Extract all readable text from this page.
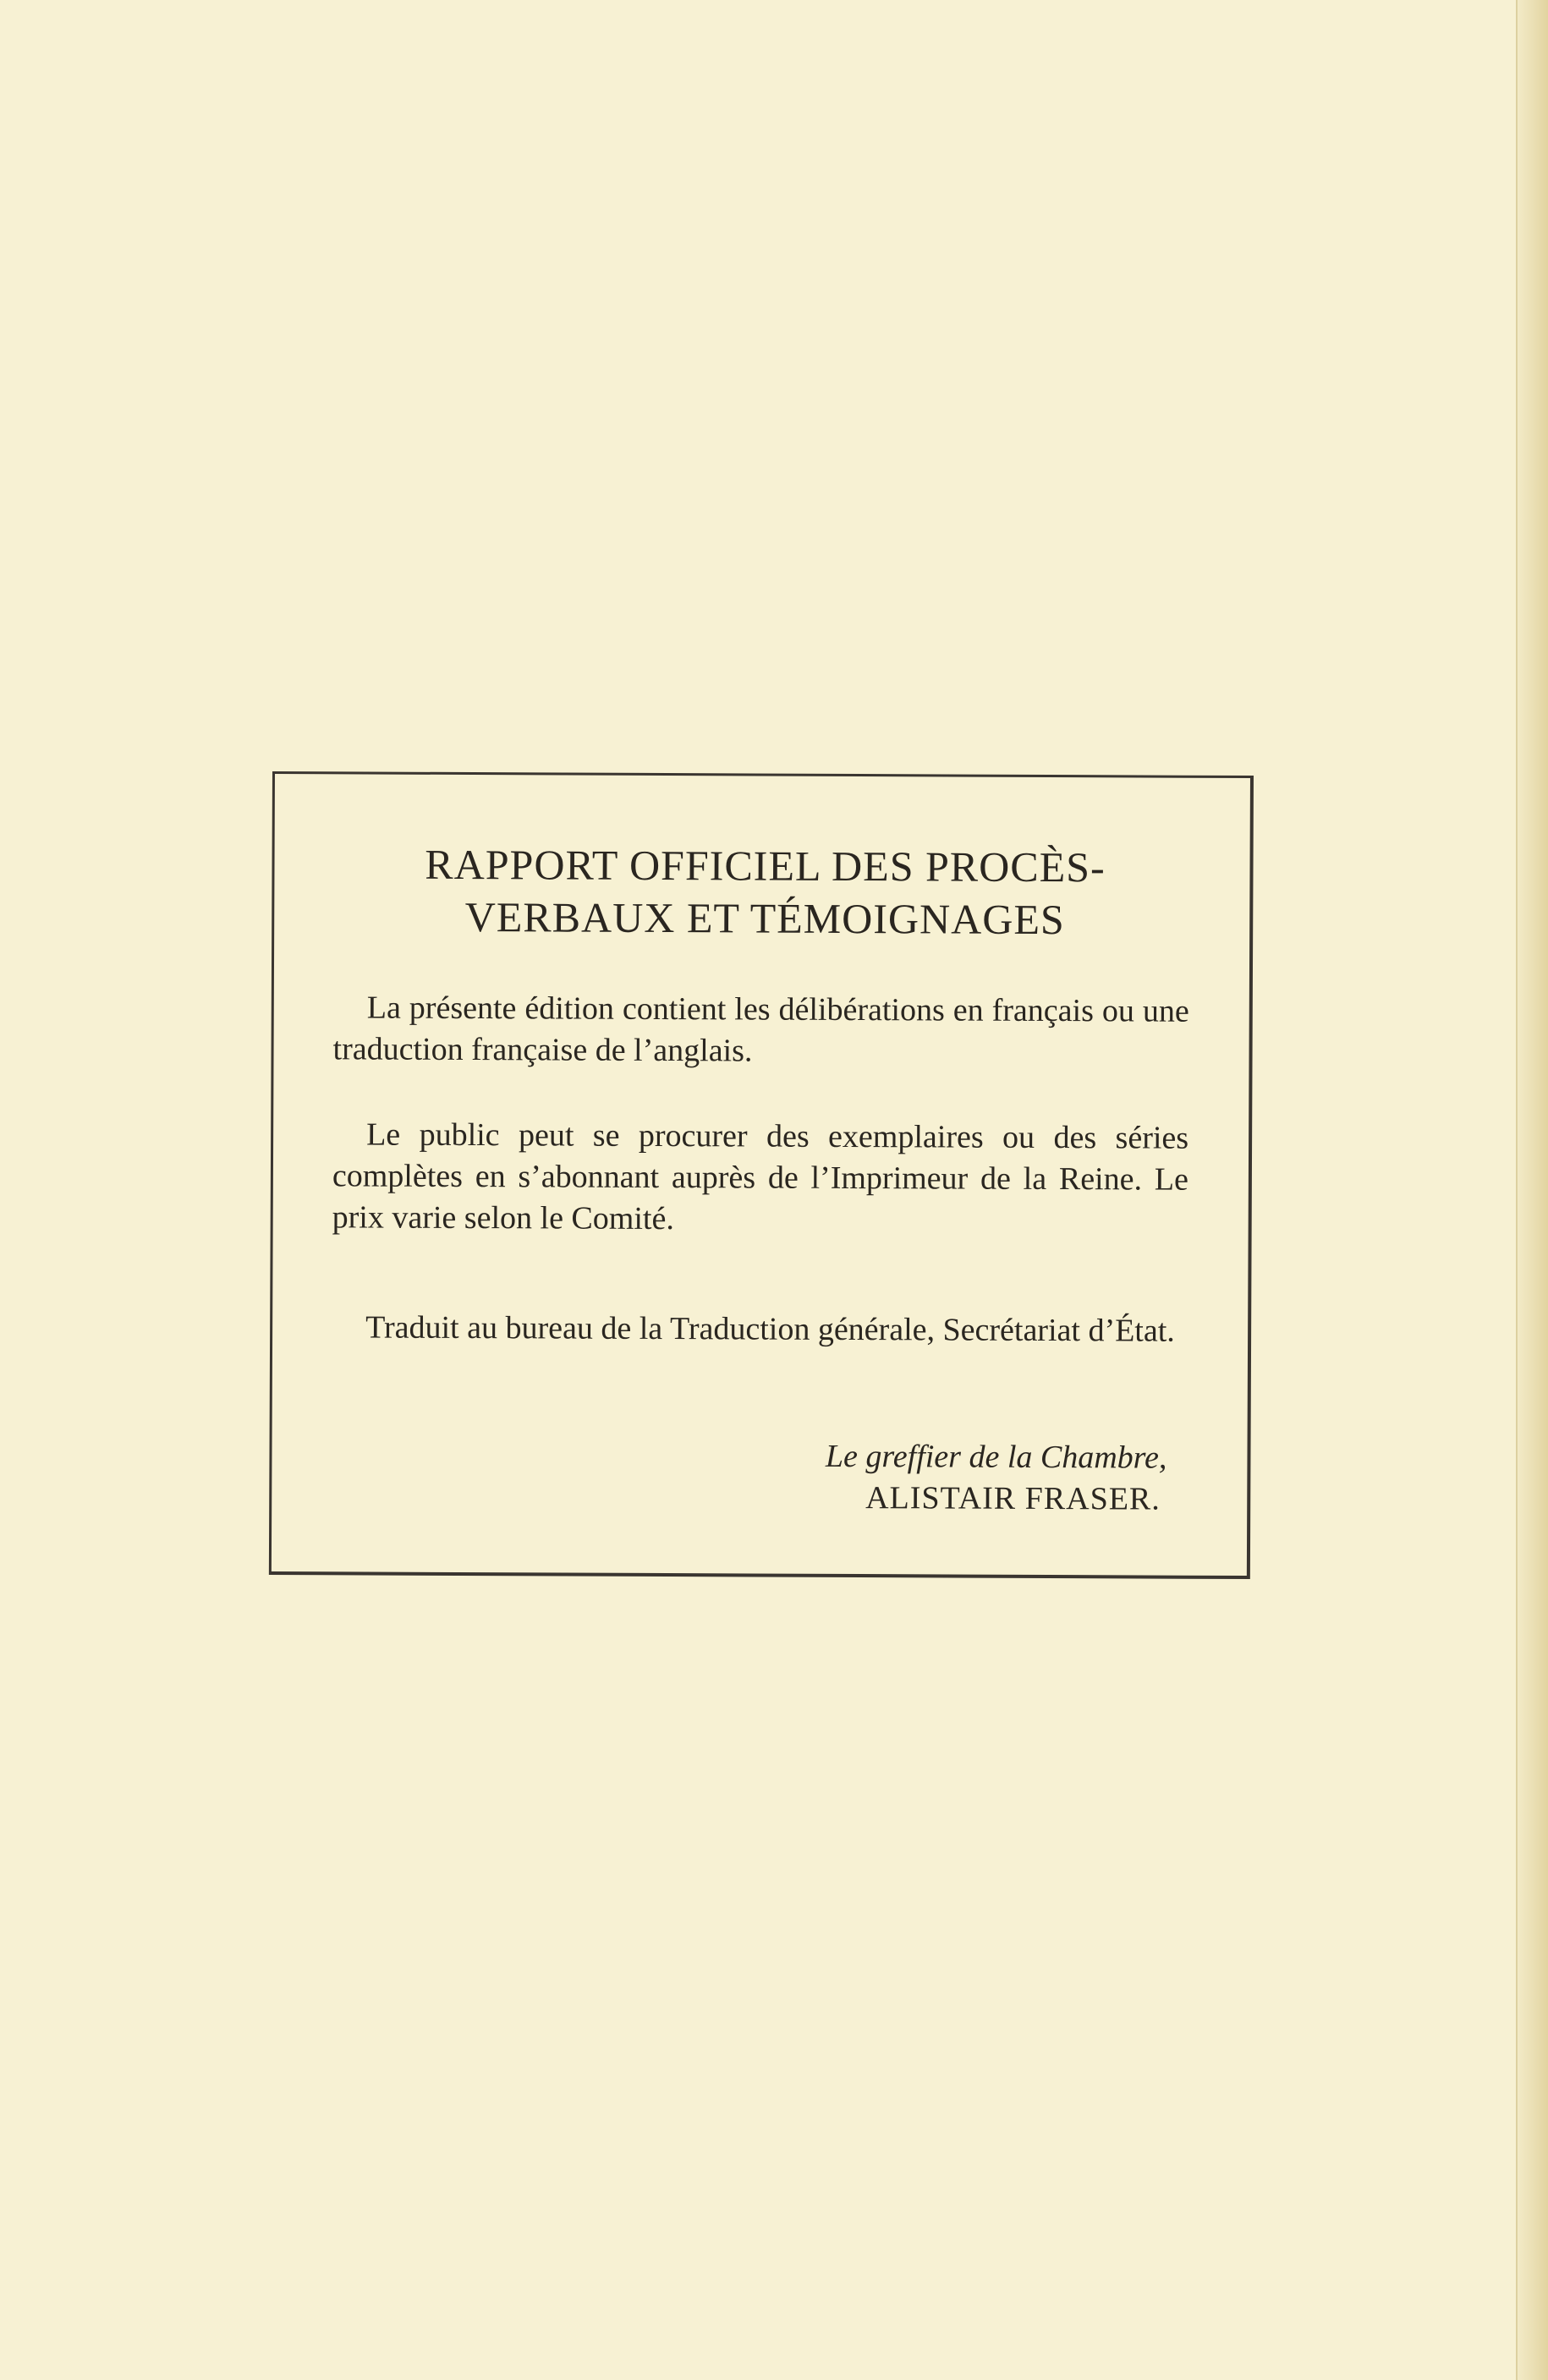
RAPPORT OFFICIEL DES PROCÈS-
VERBAUX ET TÉMOIGNAGES
La présente édition contient les délibérations en français ou une traduction française de l’anglais.
Le public peut se procurer des exemplaires ou des séries complètes en s’abonnant auprès de l’Imprimeur de la Reine. Le prix varie selon le Comité.
Traduit au bureau de la Traduction générale, Secrétariat d’État.
Le greffier de la Chambre,
ALISTAIR FRASER.
